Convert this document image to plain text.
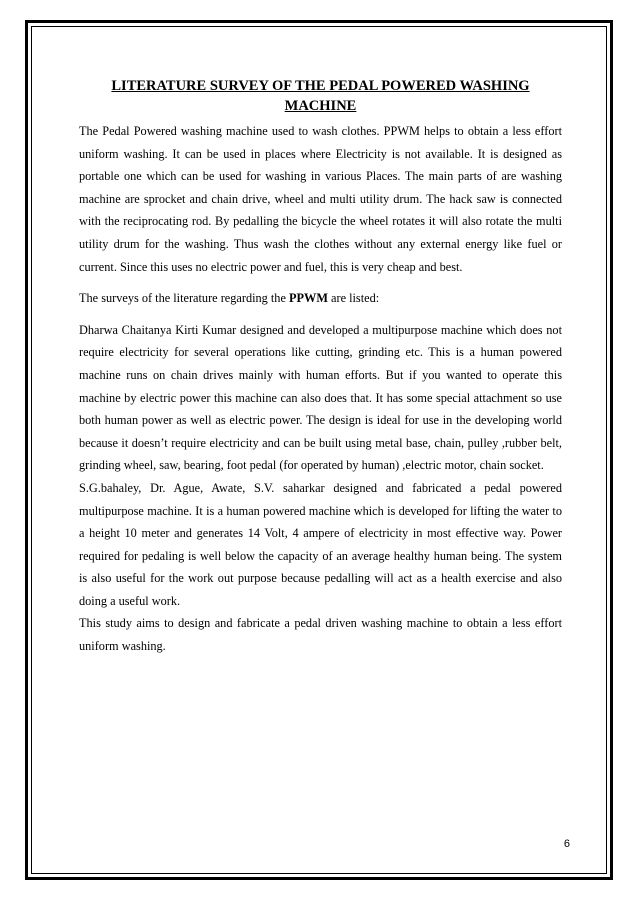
LITERATURE SURVEY OF THE PEDAL POWERED WASHING MACHINE

The Pedal Powered washing machine used to wash clothes. PPWM helps to obtain a less effort uniform washing. It can be used in places where Electricity is not available. It is designed as portable one which can be used for washing in various Places. The main parts of are washing machine are sprocket and chain drive, wheel and multi utility drum. The hack saw is connected with the reciprocating rod. By pedalling the bicycle the wheel rotates it will also rotate the multi utility drum for the washing. Thus wash the clothes without any external energy like fuel or current. Since this uses no electric power and fuel, this is very cheap and best.

The surveys of the literature regarding the PPWM are listed:

Dharwa Chaitanya Kirti Kumar designed and developed a multipurpose machine which does not require electricity for several operations like cutting, grinding etc. This is a human powered machine runs on chain drives mainly with human efforts. But if you wanted to operate this machine by electric power this machine can also does that. It has some special attachment so use both human power as well as electric power. The design is ideal for use in the developing world because it doesn’t require electricity and can be built using metal base, chain, pulley ,rubber belt, grinding wheel, saw, bearing, foot pedal (for operated by human) ,electric motor, chain socket.

S.G.bahaley, Dr. Ague, Awate, S.V. saharkar designed and fabricated a pedal powered multipurpose machine. It is a human powered machine which is developed for lifting the water to a height 10 meter and generates 14 Volt, 4 ampere of electricity in most effective way. Power required for pedaling is well below the capacity of an average healthy human being. The system is also useful for the work out purpose because pedalling will act as a health exercise and also doing a useful work.

This study aims to design and fabricate a pedal driven washing machine to obtain a less effort uniform washing.

6
